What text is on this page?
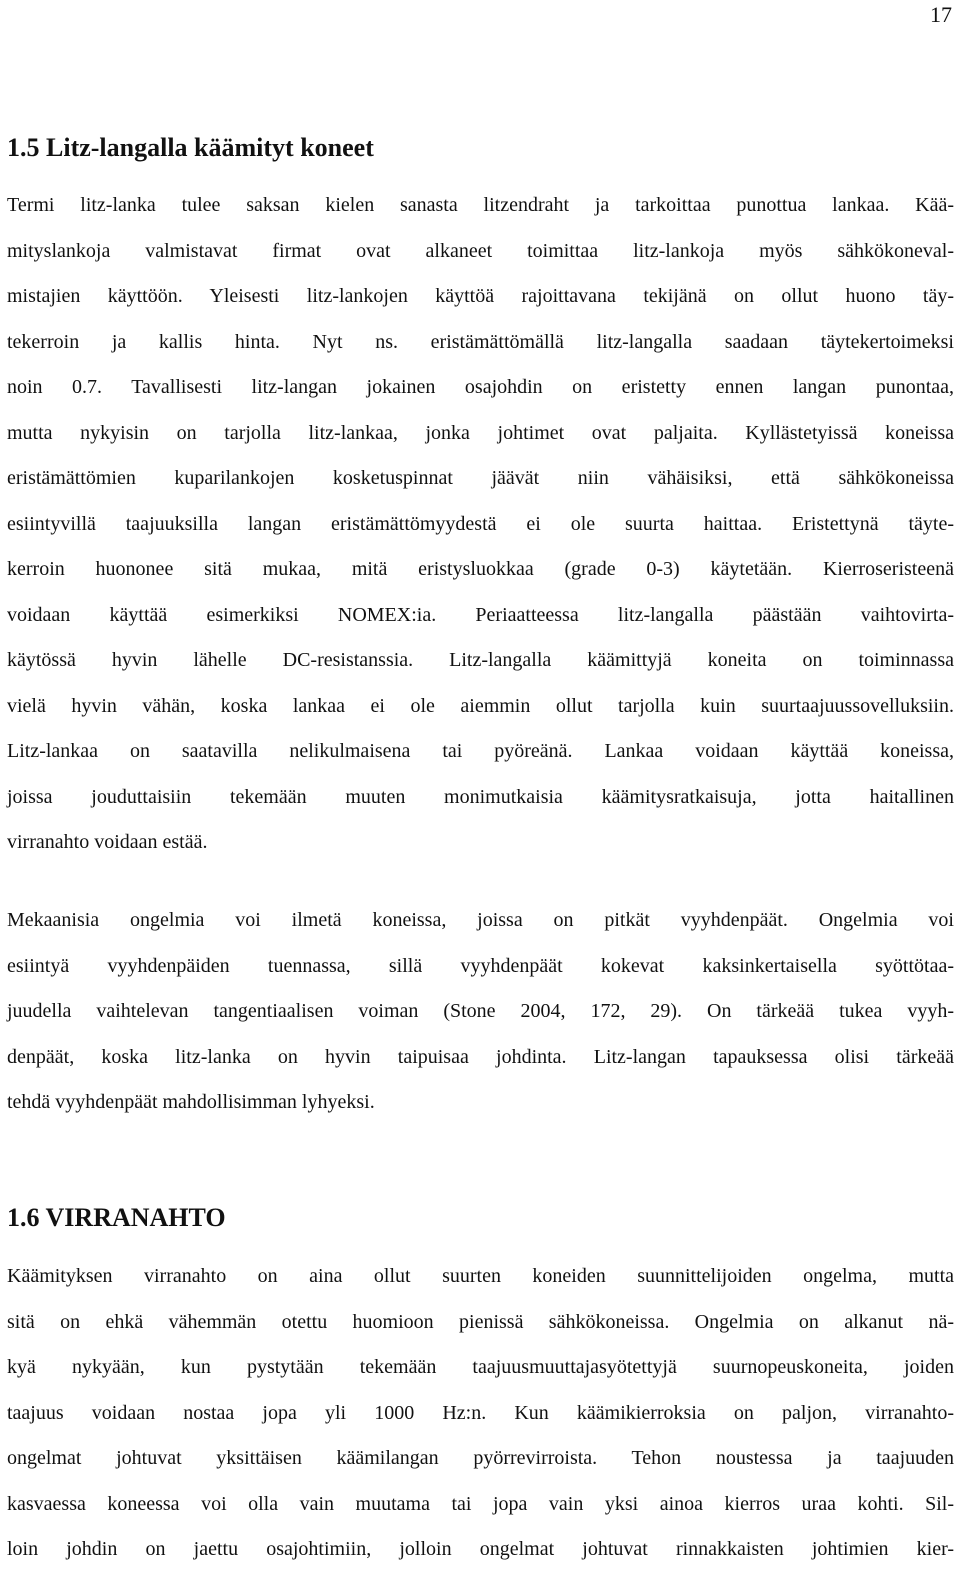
17
1.5 Litz-langalla käämityt koneet
Termi litz-lanka tulee saksan kielen sanasta litzendraht ja tarkoittaa punottua lankaa. Kää-
mityslankoja valmistavat firmat ovat alkaneet toimittaa litz-lankoja myös sähkökoneval-
mistajien käyttöön. Yleisesti litz-lankojen käyttöä rajoittavana tekijänä on ollut huono täy-
tekerroin ja kallis hinta. Nyt ns. eristämättömällä litz-langalla saadaan täytekertoimeksi
noin 0.7. Tavallisesti litz-langan jokainen osajohdin on eristetty ennen langan punontaa,
mutta nykyisin on tarjolla litz-lankaa, jonka johtimet ovat paljaita. Kyllästetyissä koneissa
eristämättömien kuparilankojen kosketuspinnat jäävät niin vähäisiksi, että sähkökoneissa
esiintyvillä taajuuksilla langan eristämättömyydestä ei ole suurta haittaa. Eristettynä täyte-
kerroin huononee sitä mukaa, mitä eristysluokkaa (grade 0-3) käytetään. Kierroseristeenä
voidaan käyttää esimerkiksi NOMEX:ia. Periaatteessa litz-langalla päästään vaihtovirta-
käytössä hyvin lähelle DC-resistanssia. Litz-langalla käämittyjä koneita on toiminnassa
vielä hyvin vähän, koska lankaa ei ole aiemmin ollut tarjolla kuin suurtaajuussovelluksiin.
Litz-lankaa on saatavilla nelikulmaisena tai pyöreänä. Lankaa voidaan käyttää koneissa,
joissa jouduttaisiin tekemään muuten monimutkaisia käämitysratkaisuja, jotta haitallinen
virranahto voidaan estää.
Mekaanisia ongelmia voi ilmetä koneissa, joissa on pitkät vyyhdenpäät. Ongelmia voi
esiintyä vyyhdenpäiden tuennassa, sillä vyyhdenpäät kokevat kaksinkertaisella syöttötaa-
juudella vaihtelevan tangentiaalisen voiman (Stone 2004, 172, 29). On tärkeää tukea vyyh-
denpäät, koska litz-lanka on hyvin taipuisaa johdinta. Litz-langan tapauksessa olisi tärkeää
tehdä vyyhdenpäät mahdollisimman lyhyeksi.
1.6 VIRRANAHTO
Käämityksen virranahto on aina ollut suurten koneiden suunnittelijoiden ongelma, mutta
sitä on ehkä vähemmän otettu huomioon pienissä sähkökoneissa. Ongelmia on alkanut nä-
kyä nykyään, kun pystytään tekemään taajuusmuuttajasyötettyjä suurnopeuskoneita, joiden
taajuus voidaan nostaa jopa yli 1000 Hz:n. Kun käämikierroksia on paljon, virranahto-
ongelmat johtuvat yksittäisen käämilangan pyörrevirroista. Tehon noustessa ja taajuuden
kasvaessa koneessa voi olla vain muutama tai jopa vain yksi ainoa kierros uraa kohti. Sil-
loin johdin on jaettu osajohtimiin, jolloin ongelmat johtuvat rinnakkaisten johtimien kier-
